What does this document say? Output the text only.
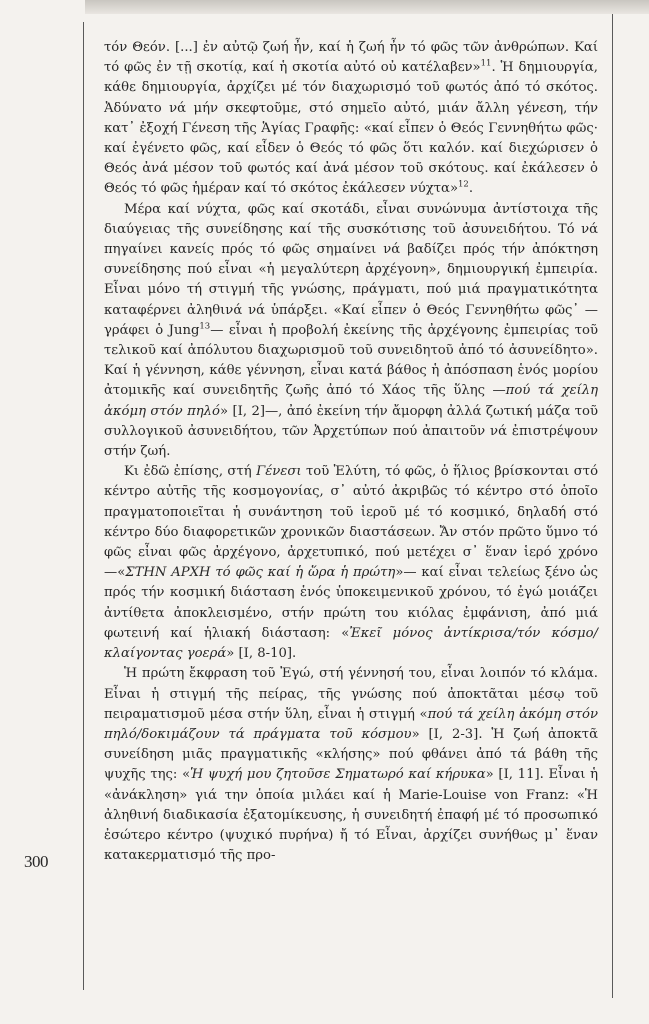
300

τόν Θεόν. [...] ἐν αὐτῷ ζωή ἦν, καί ἡ ζωή ἦν τό φῶς τῶν ἀνθρώπων. Καί τό φῶς ἐν τῇ σκοτίᾳ, καί ἡ σκοτία αὐτό οὐ κατέλαβεν»$^{11}$. Ἡ δημιουργία, κάθε δημιουργία, ἀρχίζει μέ τόν διαχωρισμό τοῦ φωτός ἀπό τό σκότος. Ἀδύνατο νά μήν σκεφτοῦμε, στό σημεῖο αὐτό, μιάν ἄλλη γένεση, τήν κατ᾽ ἐξοχή Γένεση τῆς Ἁγίας Γραφῆς: «καί εἶπεν ὁ Θεός Γεννηθήτω φῶς· καί ἐγένετο φῶς, καί εἶδεν ὁ Θεός τό φῶς ὅτι καλόν. καί διεχώρισεν ὁ Θεός ἀνά μέσον τοῦ φωτός καί ἀνά μέσον τοῦ σκότους. καί ἐκάλεσεν ὁ Θεός τό φῶς ἡμέραν καί τό σκότος ἐκάλεσεν νύχτα»$^{12}$.

Μέρα καί νύχτα, φῶς καί σκοτάδι, εἶναι συνώνυμα ἀντίστοιχα τῆς διαύγειας τῆς συνείδησης καί τῆς συσκότισης τοῦ ἀσυνειδήτου. Τό νά πηγαίνει κανείς πρός τό φῶς σημαίνει νά βαδίζει πρός τήν ἀπόκτηση συνείδησης πού εἶναι «ἡ μεγαλύτερη ἀρχέγονη», δημιουργική ἐμπειρία. Εἶναι μόνο τή στιγμή τῆς γνώσης, πράγματι, πού μιά πραγματικότητα καταφέρνει ἀληθινά νά ὑπάρξει. «Καί εἶπεν ὁ Θεός Γεννηθήτω φῶς᾽ —γράφει ὁ Jung$^{13}$— εἶναι ἡ προβολή ἐκείνης τῆς ἀρχέγονης ἐμπειρίας τοῦ τελικοῦ καί ἀπόλυτου διαχωρισμοῦ τοῦ συνειδητοῦ ἀπό τό ἀσυνείδητο». Καί ἡ γέννηση, κάθε γέννηση, εἶναι κατά βάθος ἡ ἀπόσπαση ἑνός μορίου ἀτομικῆς καί συνειδητῆς ζωῆς ἀπό τό Χάος τῆς ὕλης —πού τά χείλη ἀκόμη στόν πηλό» [Ι, 2]—, ἀπό ἐκείνη τήν ἄμορφη ἀλλά ζωτική μάζα τοῦ συλλογικοῦ ἀσυνειδήτου, τῶν Ἀρχετύπων πού ἀπαιτοῦν νά ἐπιστρέψουν στήν ζωή.

Κι ἐδῶ ἐπίσης, στή Γένεσι τοῦ Ἐλύτη, τό φῶς, ὁ ἥλιος βρίσκονται στό κέντρο αὐτῆς τῆς κοσμογονίας, σ᾽ αὐτό ἀκριβῶς τό κέντρο στό ὁποῖο πραγματοποιεῖται ἡ συνάντηση τοῦ ἱεροῦ μέ τό κοσμικό, δηλαδή στό κέντρο δύο διαφορετικῶν χρονικῶν διαστάσεων. Ἄν στόν πρῶτο ὕμνο τό φῶς εἶναι φῶς ἀρχέγονο, ἀρχετυπικό, πού μετέχει σ᾽ ἕναν ἱερό χρόνο —«ΣΤΗΝ ΑΡΧΗ τό φῶς καί ἡ ὥρα ἡ πρώτη»— καί εἶναι τελείως ξένο ὡς πρός τήν κοσμική διάσταση ἑνός ὑποκειμενικοῦ χρόνου, τό ἐγώ μοιάζει ἀντίθετα ἀποκλεισμένο, στήν πρώτη του κιόλας ἐμφάνιση, ἀπό μιά φωτεινή καί ἡλιακή διάσταση: «Ἐκεῖ μόνος ἀντίκρισα/τόν κόσμο/κλαίγοντας γοερά» [Ι, 8-10].

Ἡ πρώτη ἔκφραση τοῦ Ἐγώ, στή γέννησή του, εἶναι λοιπόν τό κλάμα. Εἶναι ἡ στιγμή τῆς πείρας, τῆς γνώσης πού ἀποκτᾶται μέσῳ τοῦ πειραματισμοῦ μέσα στήν ὕλη, εἶναι ἡ στιγμή «πού τά χείλη ἀκόμη στόν πηλό/δοκιμάζουν τά πράγματα τοῦ κόσμου» [Ι, 2-3]. Ἡ ζωή ἀποκτᾶ συνείδηση μιᾶς πραγματικῆς «κλήσης» πού φθάνει ἀπό τά βάθη τῆς ψυχῆς της: «Ἡ ψυχή μου ζητοῦσε Σηματωρό καί κήρυκα» [Ι, 11]. Εἶναι ἡ «ἀνάκληση» γιά την ὁποία μιλάει καί ἡ Marie-Louise von Franz: «Ἡ ἀληθινή διαδικασία ἐξατομίκευσης, ἡ συνειδητή ἐπαφή μέ τό προσωπικό ἐσώτερο κέντρο (ψυχικό πυρήνα) ἤ τό Εἶναι, ἀρχίζει συνήθως μ᾽ ἕναν κατακερματισμό τῆς προ-
